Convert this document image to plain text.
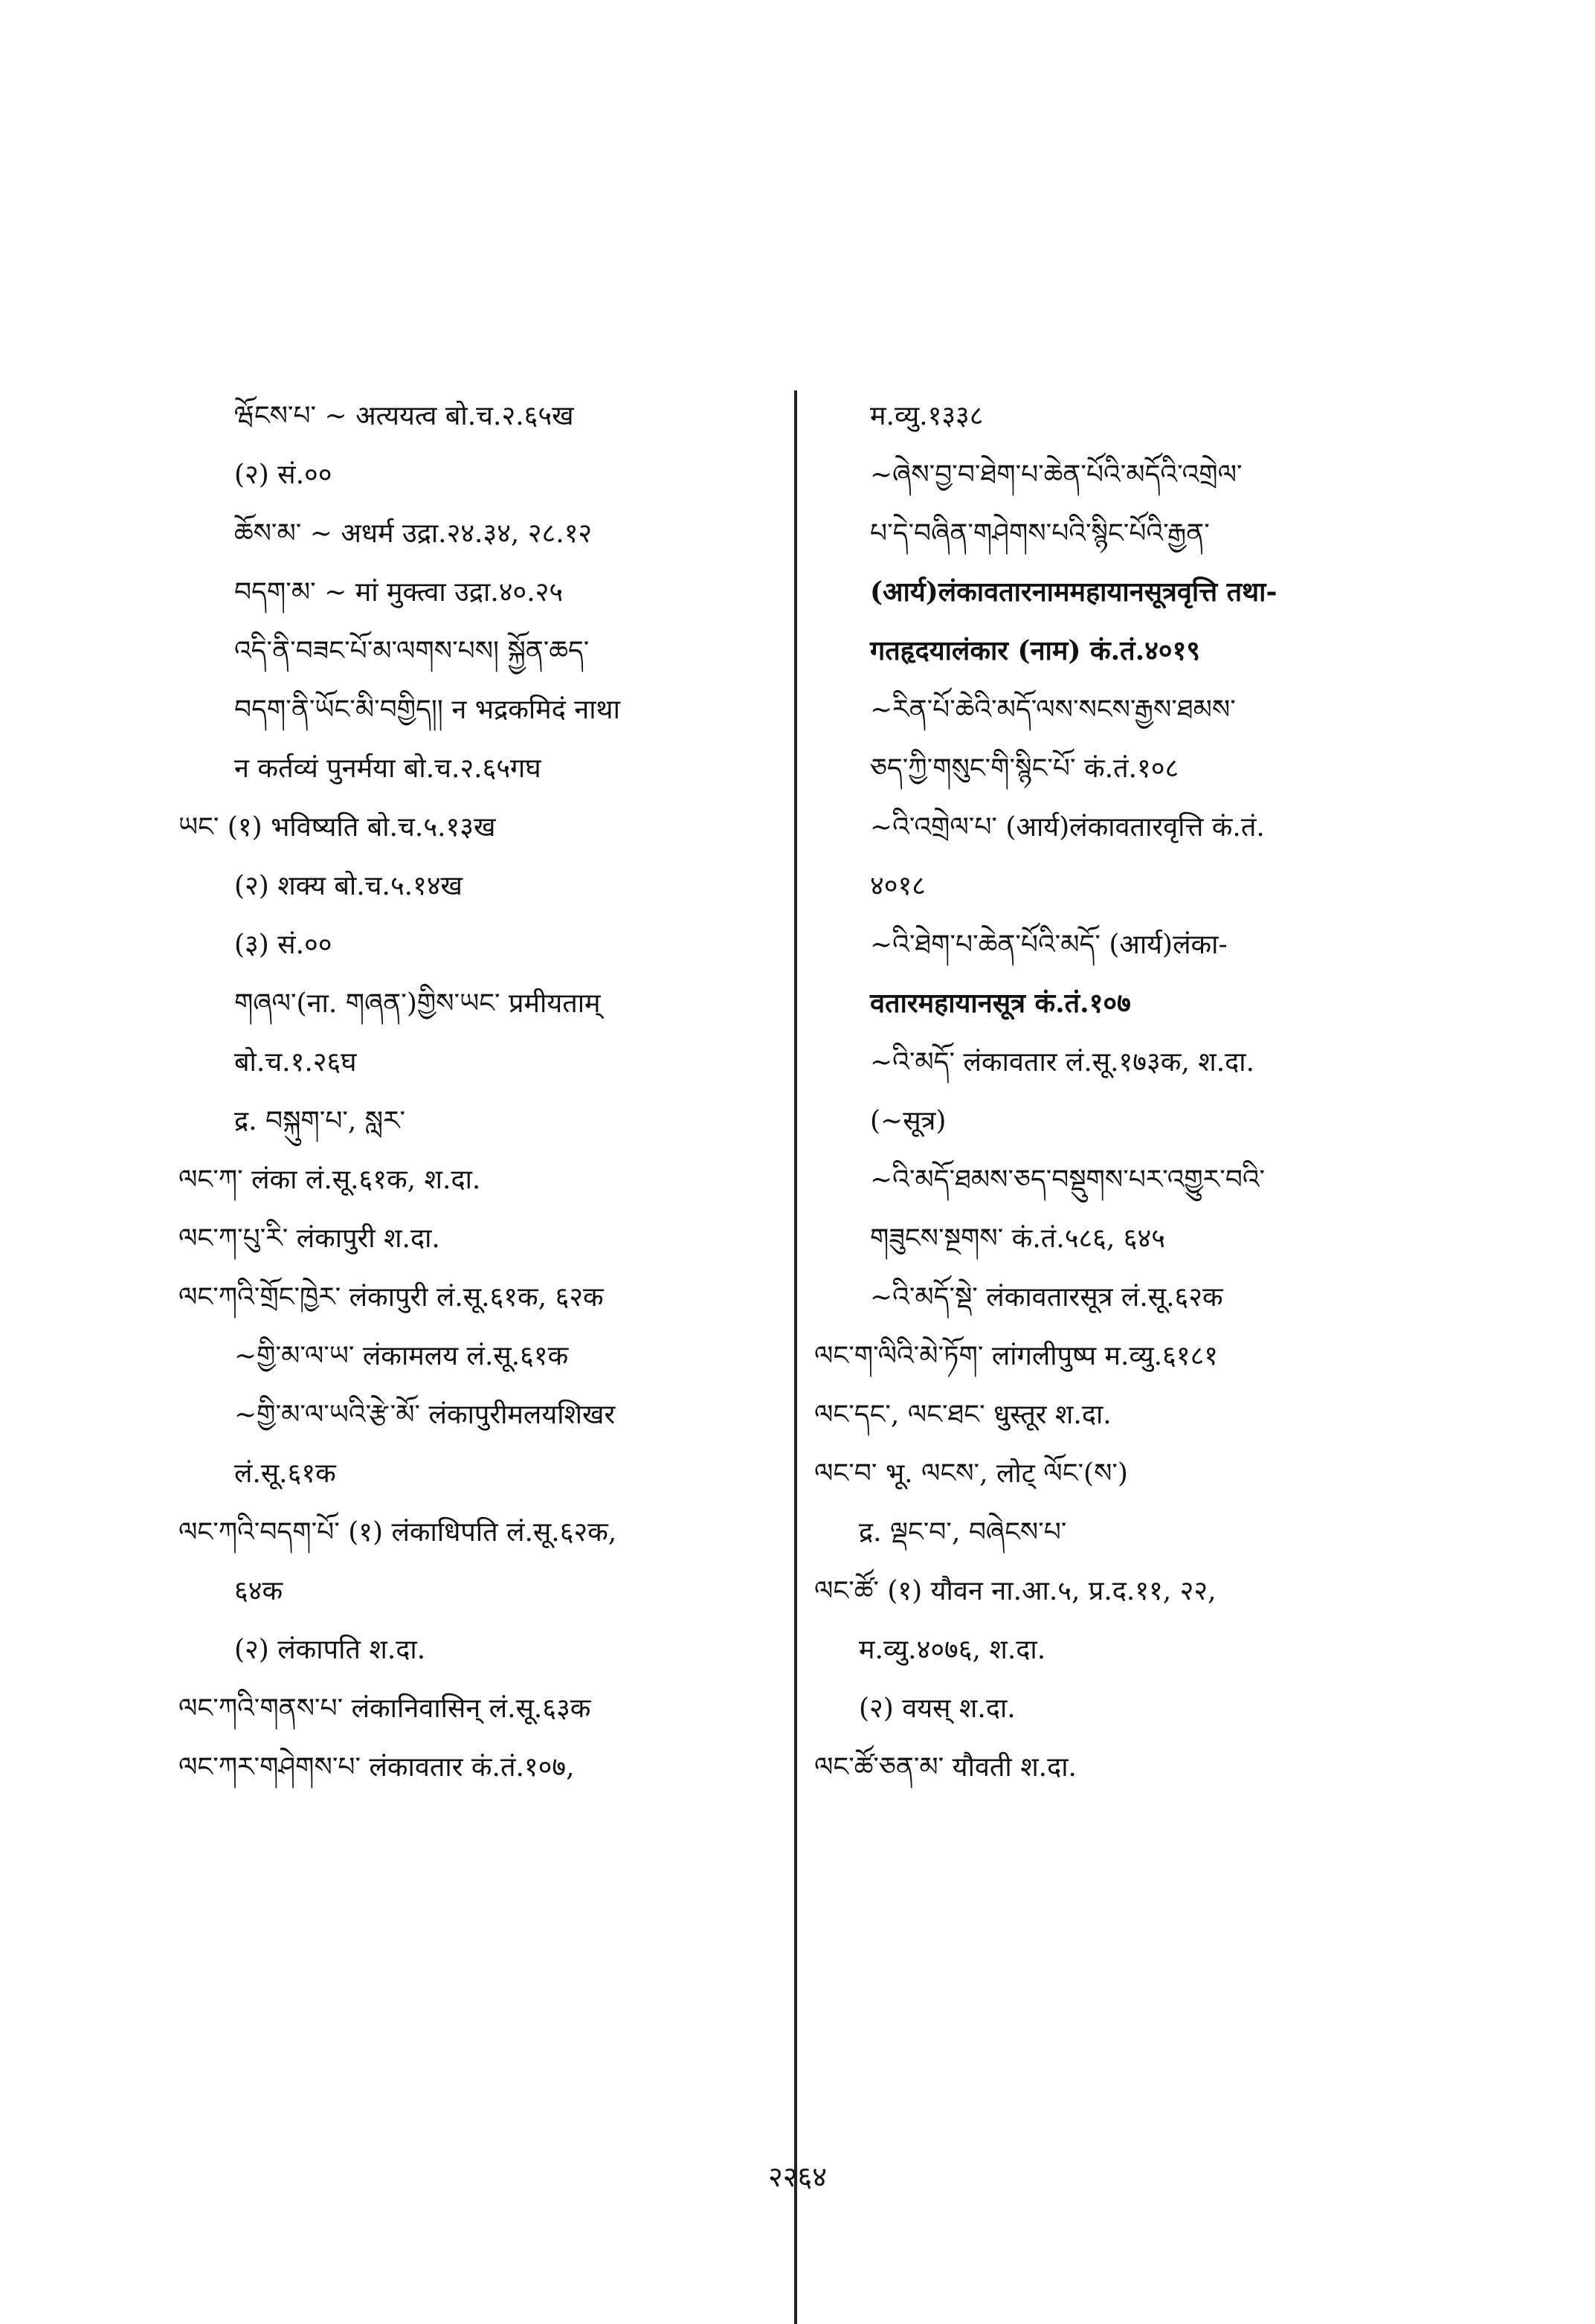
ཝོངས་པ་ ~ अत्ययत्व बो.च.२.६५ख
(२) सं.००
ཆོས་མ་ ~ अधर्म उद्रा.२४.३४, २८.१२
བདག་མ་ ~ मां मुक्त्वा उद्रा.४०.२५
འདི་ནི་བཟང་པོ་མ་ལགས་པས། སྐྱོན་ཆད་
བདག་ནི་ཡོང་མི་བགྱིད།། न भद्रकमिदं नाथा
न कर्तव्यं पुनर्मया बो.च.२.६५गघ
ཡང་ (१) भविष्यति बो.च.५.१३ख
(२) शक्य बो.च.५.१४ख
(३) सं.००
གཞལ་(ना. གཞན་)གྱིས་ཡང་ प्रमीयताम्
बो.च.१.२६घ
द्र. བསྐུག་པ་, སླར་
ལང་ཀ་ लंका लं.सू.६१क, श.दा.
ལང་ཀ་པུ་རི་ लंकापुरी श.दा.
ལང་ཀའི་གྲོང་ཁྱེར་ लंकापुरी लं.सू.६१क, ६२क
~གྱི་མ་ལ་ཡ་ लंकामलय लं.सू.६१क
~གྱི་མ་ལ་ཡའི་རྩེ་མོ་ लंकापुरीमलयशिखर
लं.सू.६१क
ལང་ཀའི་བདག་པོ་ (१) लंकाधिपति लं.सू.६२क,
६४क
(२) लंकापति श.दा.
ལང་ཀའི་གནས་པ་ लंकानिवासिन् लं.सू.६३क
ལང་ཀར་གཤེགས་པ་ लंकावतार कं.तं.१०७,
म.व्यु.१३३८
~ཞེས་བྱ་བ་ཐེག་པ་ཆེན་པོའི་མདོའི་འགྲེལ་
པ་དེ་བཞིན་གཤེགས་པའི་སྙིང་པོའི་རྒྱན་
(आर्य)लंकावतारनाममहायानसूत्रवृत्ति तथा-
गतहृदयालंकार (नाम) कं.तं.४०१९
~རིན་པོ་ཆེའི་མདོ་ལས་སངས་རྒྱས་ཐམས་
ཅད་ཀྱི་གསུང་གི་སྙིང་པོ་ कं.तं.१०८
~འི་འགྲེལ་པ་ (आर्य)लंकावतारवृत्ति कं.तं.
४०१८
~འི་ཐེག་པ་ཆེན་པོའི་མདོ་ (आर्य)लंका-
वतारमहायानसूत्र कं.तं.१०७
~འི་མདོ་ लंकावतार लं.सू.१७३क, श.दा.
(~सूत्र)
~འི་མདོ་ཐམས་ཅད་བསྡུགས་པར་འགྱུར་བའི་
གཟུངས་སྔགས་ कं.तं.५८६, ६४५
~འི་མདོ་སྡེ་ लंकावतारसूत्र लं.सू.६२क
ལང་ག་ལིའི་མེ་ཏོག་ लांगलीपुष्प म.व्यु.६१८१
ལང་དང་, ལང་ཐང་ धुस्तूर श.दा.
ལང་བ་ भू. ལངས་, लोट् ལོང་(ས་)
द्र. ལྡང་བ་, བཞེངས་པ་
ལང་ཚོ་ (१) यौवन ना.आ.५, प्र.द.११, २२,
म.व्यु.४०७६, श.दा.
(२) वयस् श.दा.
ལང་ཚོ་ཅན་མ་ यौवती श.दा.
२२६४
